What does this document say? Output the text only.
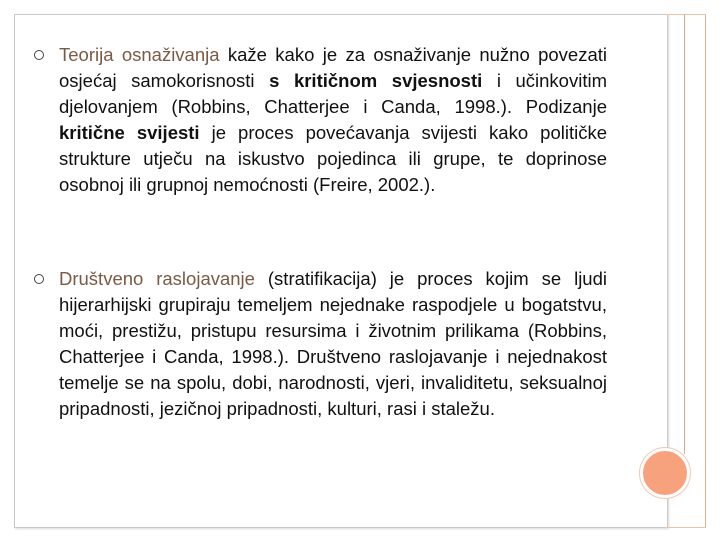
Teorija osnaživanja kaže kako je za osnaživanje nužno povezati osjećaj samokorisnosti s kritičnom svjesnosti i učinkovitim djelovanjem (Robbins, Chatterjee i Canda, 1998.). Podizanje kritične svijesti je proces povećavanja svijesti kako političke strukture utječu na iskustvo pojedinca ili grupe, te doprinose osobnoj ili grupnoj nemoćnosti (Freire, 2002.).
Društveno raslojavanje (stratifikacija) je proces kojim se ljudi hijerarhijski grupiraju temeljem nejednake raspodjele u bogatstvu, moći, prestižu, pristupu resursima i životnim prilikama (Robbins, Chatterjee i Canda, 1998.). Društveno raslojavanje i nejednakost temelje se na spolu, dobi, narodnosti, vjeri, invaliditetu, seksualnoj pripadnosti, jezičnoj pripadnosti, kulturi, rasi i staležu.
